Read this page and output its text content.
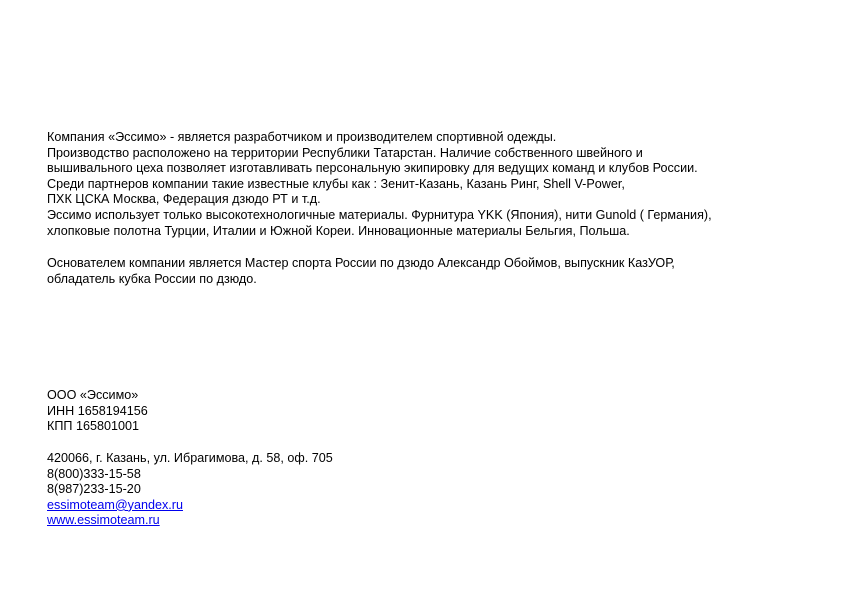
Компания «Эссимо» - является разработчиком и производителем спортивной одежды.
Производство расположено на территории Республики Татарстан. Наличие собственного швейного и
вышивального цеха позволяет изготавливать персональную экипировку для ведущих команд и клубов России.
Среди партнеров компании такие известные клубы как : Зенит-Казань, Казань Ринг, Shell V-Power,
ПХК ЦСКА Москва, Федерация дзюдо РТ и т.д.
Эссимо использует только высокотехнологичные материалы. Фурнитура YKK (Япония), нити Gunold ( Германия),
хлопковые полотна Турции, Италии и Южной Кореи. Инновационные материалы Бельгия, Польша.
Основателем компании является Мастер спорта России по дзюдо Александр Обоймов, выпускник КазУОР,
обладатель кубка России по дзюдо.
ООО «Эссимо»
ИНН 1658194156
КПП 165801001
420066, г. Казань, ул. Ибрагимова, д. 58, оф. 705
8(800)333-15-58
8(987)233-15-20
essimoteam@yandex.ru
www.essimoteam.ru
